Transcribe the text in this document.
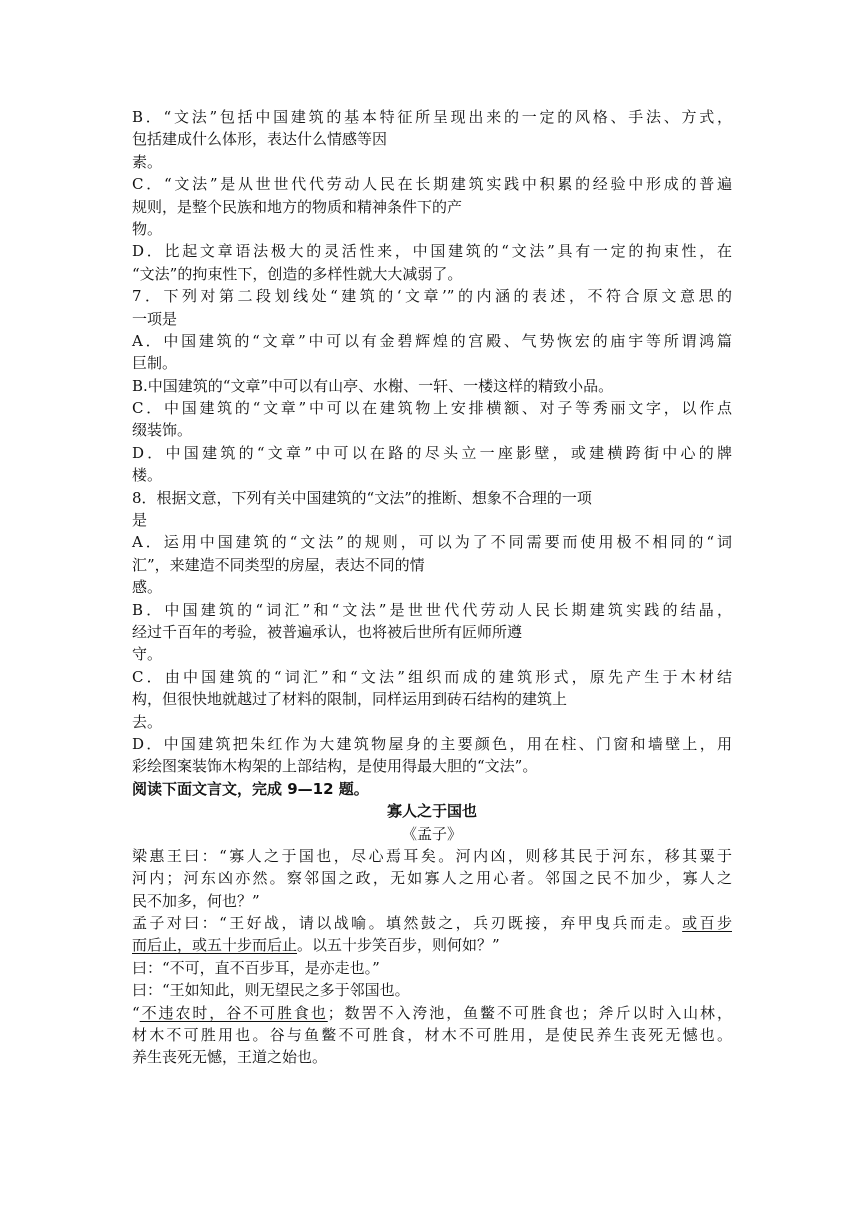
B．“文法”包括中国建筑的基本特征所呈现出来的一定的风格、手法、方式，
包括建成什么体形，表达什么情感等因
素。
C．“文法”是从世世代代劳动人民在长期建筑实践中积累的经验中形成的普遍
规则，是整个民族和地方的物质和精神条件下的产
物。
D．比起文章语法极大的灵活性来，中国建筑的“文法”具有一定的拘束性，在
“文法”的拘束性下，创造的多样性就大大减弱了。
7．下列对第二段划线处“建筑的‘文章’”的内涵的表述，不符合原文意思的
一项是
A．中国建筑的“文章”中可以有金碧辉煌的宫殿、气势恢宏的庙宇等所谓鸿篇
巨制。
B.中国建筑的“文章”中可以有山亭、水榭、一轩、一楼这样的精致小品。
C．中国建筑的“文章”中可以在建筑物上安排横额、对子等秀丽文字，以作点
缀装饰。
D．中国建筑的“文章”中可以在路的尽头立一座影壁，或建横跨街中心的牌
楼。
8．根据文意，下列有关中国建筑的“文法”的推断、想象不合理的一项
是
A．运用中国建筑的“文法”的规则，可以为了不同需要而使用极不相同的“词
汇”，来建造不同类型的房屋，表达不同的情
感。
B．中国建筑的“词汇”和“文法”是世世代代劳动人民长期建筑实践的结晶，
经过千百年的考验，被普遍承认，也将被后世所有匠师所遵
守。
C．由中国建筑的“词汇”和“文法”组织而成的建筑形式，原先产生于木材结
构，但很快地就越过了材料的限制，同样运用到砖石结构的建筑上
去。
D．中国建筑把朱红作为大建筑物屋身的主要颜色，用在柱、门窗和墙壁上，用
彩绘图案装饰木构架的上部结构，是使用得最大胆的“文法”。
阅读下面文言文，完成 9—12 题。
寡人之于国也
《孟子》
梁惠王曰：“寡人之于国也，尽心焉耳矣。河内凶，则移其民于河东，移其粟于
河内；河东凶亦然。察邻国之政，无如寡人之用心者。邻国之民不加少，寡人之
民不加多，何也？”
孟子对曰：“王好战，请以战喻。填然鼓之，兵刃既接，弃甲曳兵而走。或百步
而后止，或五十步而后止。以五十步笑百步，则何如？”
曰：“不可，直不百步耳，是亦走也。”
曰：“王如知此，则无望民之多于邻国也。
“不违农时，谷不可胜食也；数罟不入洿池，鱼鳖不可胜食也；斧斤以时入山林，
材木不可胜用也。谷与鱼鳖不可胜食，材木不可胜用，是使民养生丧死无憾也。
养生丧死无憾，王道之始也。
